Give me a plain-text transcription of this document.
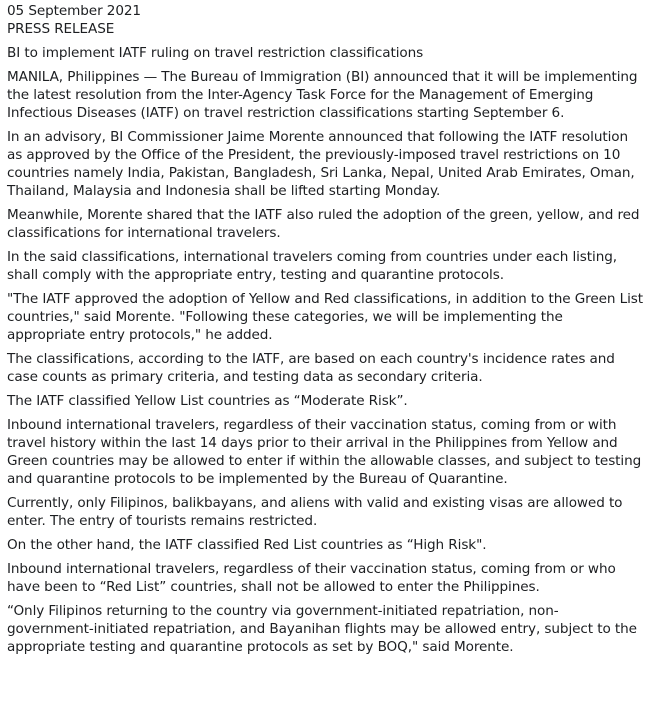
05 September 2021

PRESS RELEASE

BI to implement IATF ruling on travel restriction classifications

MANILA, Philippines — The Bureau of Immigration (BI) announced that it will be implementing the latest resolution from the Inter-Agency Task Force for the Management of Emerging Infectious Diseases (IATF) on travel restriction classifications starting September 6.

In an advisory, BI Commissioner Jaime Morente announced that following the IATF resolution as approved by the Office of the President, the previously-imposed travel restrictions on 10 countries namely India, Pakistan, Bangladesh, Sri Lanka, Nepal, United Arab Emirates, Oman, Thailand, Malaysia and Indonesia shall be lifted starting Monday.

Meanwhile, Morente shared that the IATF also ruled the adoption of the green, yellow, and red classifications for international travelers.

In the said classifications, international travelers coming from countries under each listing, shall comply with the appropriate entry, testing and quarantine protocols.

"The IATF approved the adoption of Yellow and Red classifications, in addition to the Green List countries," said Morente. "Following these categories, we will be implementing the appropriate entry protocols," he added.

The classifications, according to the IATF, are based on each country's incidence rates and case counts as primary criteria, and testing data as secondary criteria.

The IATF classified Yellow List countries as “Moderate Risk”.

Inbound international travelers, regardless of their vaccination status, coming from or with travel history within the last 14 days prior to their arrival in the Philippines from Yellow and Green countries may be allowed to enter if within the allowable classes, and subject to testing and quarantine protocols to be implemented by the Bureau of Quarantine.

Currently, only Filipinos, balikbayans, and aliens with valid and existing visas are allowed to enter. The entry of tourists remains restricted.

On the other hand, the IATF classified Red List countries as “High Risk".

Inbound international travelers, regardless of their vaccination status, coming from or who have been to “Red List” countries, shall not be allowed to enter the Philippines.

“Only Filipinos returning to the country via government-initiated repatriation, non-government-initiated repatriation, and Bayanihan flights may be allowed entry, subject to the appropriate testing and quarantine protocols as set by BOQ," said Morente.
